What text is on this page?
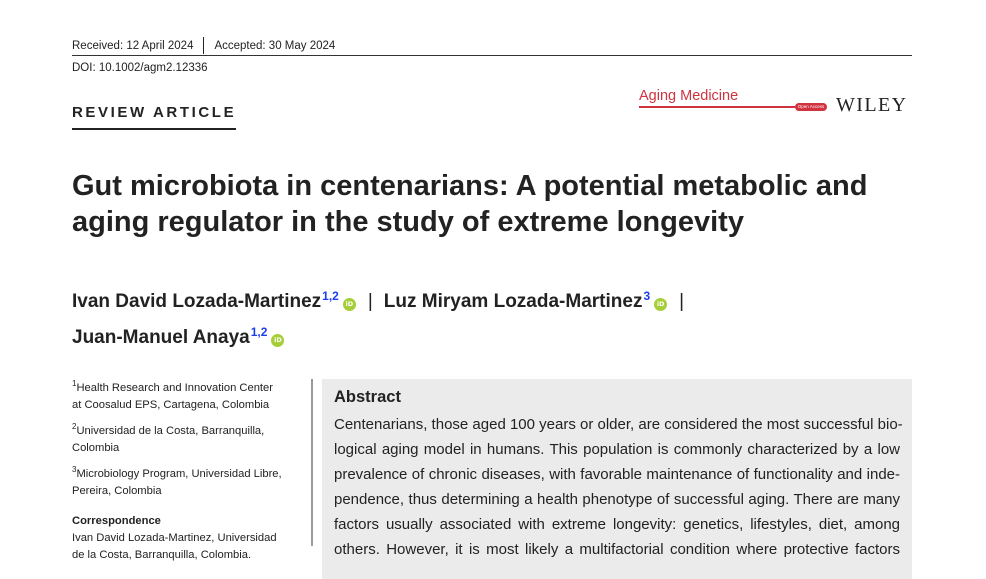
Received: 12 April 2024 Accepted: 30 May 2024
DOI: 10.1002/agm2.12336
REVIEW ARTICLE
Aging Medicine
Open Access WILEY
Gut microbiota in centenarians: A potential metabolic and
aging regulator in the study of extreme longevity
Ivan David Lozada-Martinez$^{1,2}$iD | Luz Miryam Lozada-Martinez$^3$iD |
Juan-Manuel Anaya$^{1,2}$iD
$^1$Health Research and Innovation Center
at Coosalud EPS, Cartagena, Colombia
$^2$Universidad de la Costa, Barranquilla,
Colombia
$^3$Microbiology Program, Universidad Libre,
Pereira, Colombia
Correspondence
Ivan David Lozada-Martinez, Universidad
de la Costa, Barranquilla, Colombia.
Abstract
Centenarians, those aged 100 years or older, are considered the most successful bio-
logical aging model in humans. This population is commonly characterized by a low
prevalence of chronic diseases, with favorable maintenance of functionality and inde-
pendence, thus determining a health phenotype of successful aging. There are many
factors usually associated with extreme longevity: genetics, lifestyles, diet, among
others. However, it is most likely a multifactorial condition where protective factors
